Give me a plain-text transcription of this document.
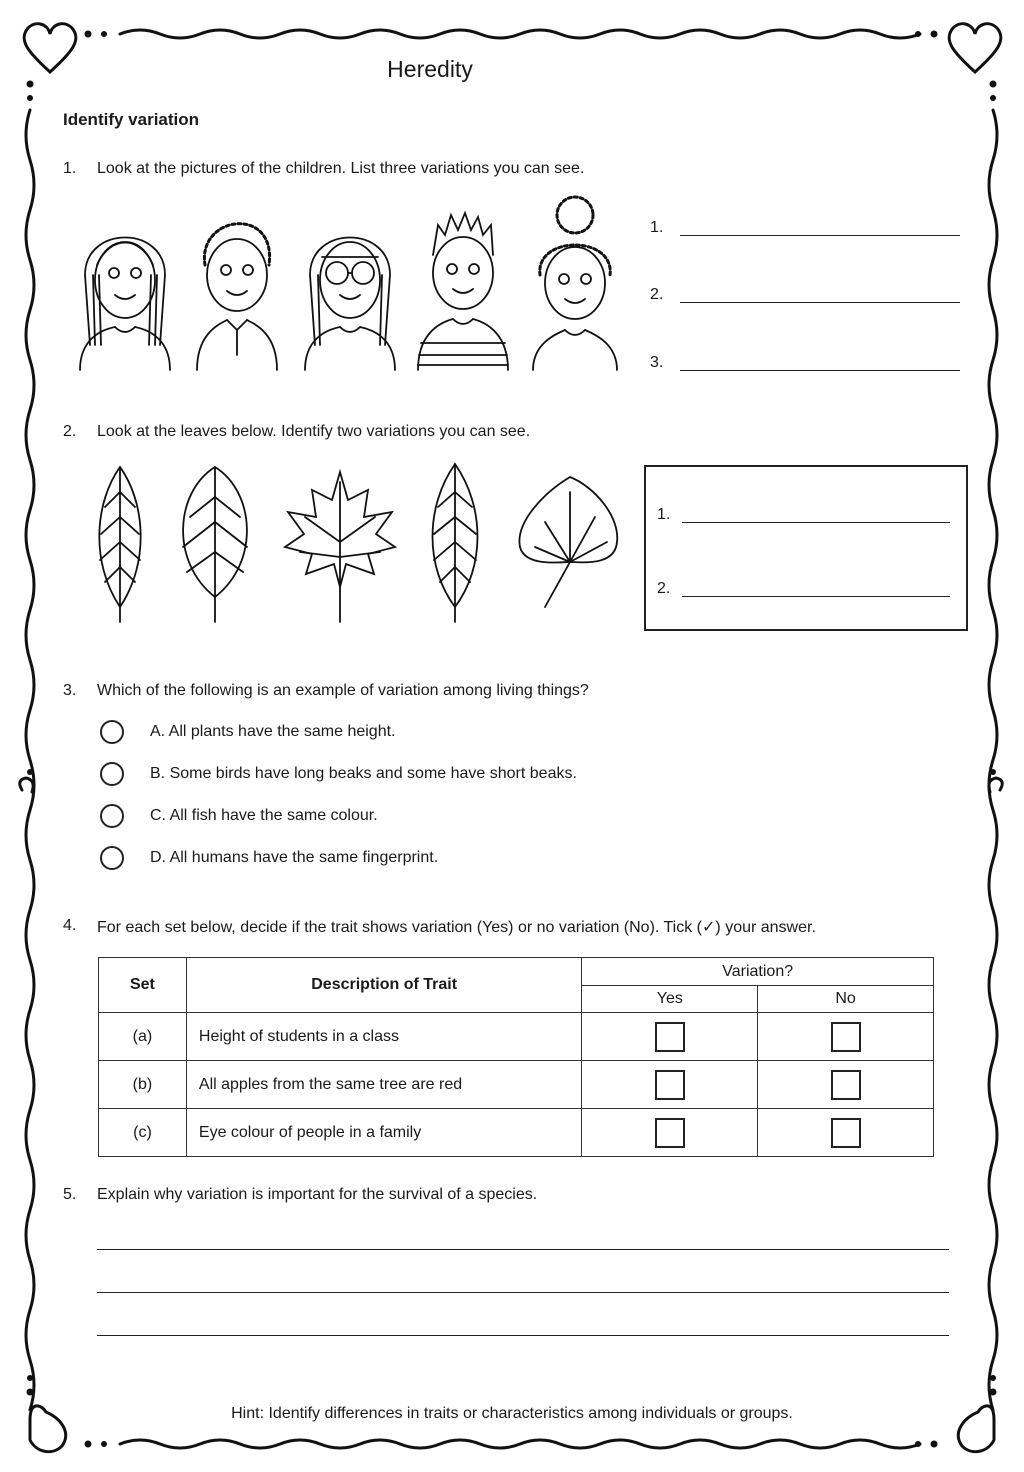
Heredity
Identify variation
1. Look at the pictures of the children. List three variations you can see.
1.
2.
3.
2. Look at the leaves below. Identify two variations you can see.
1.
2.
3. Which of the following is an example of variation among living things?
A. All plants have the same height.
B. Some birds have long beaks and some have short beaks.
C. All fish have the same colour.
D. All humans have the same fingerprint.
4. For each set below, decide if the trait shows variation (Yes) or no variation (No). Tick (✓) your answer.
Set	Description of Trait	Variation?	
		Yes	No
(a)	Height of students in a class		
(b)	All apples from the same tree are red		
(c)	Eye colour of people in a family		
5. Explain why variation is important for the survival of a species.
Hint: Identify differences in traits or characteristics among individuals or groups.
